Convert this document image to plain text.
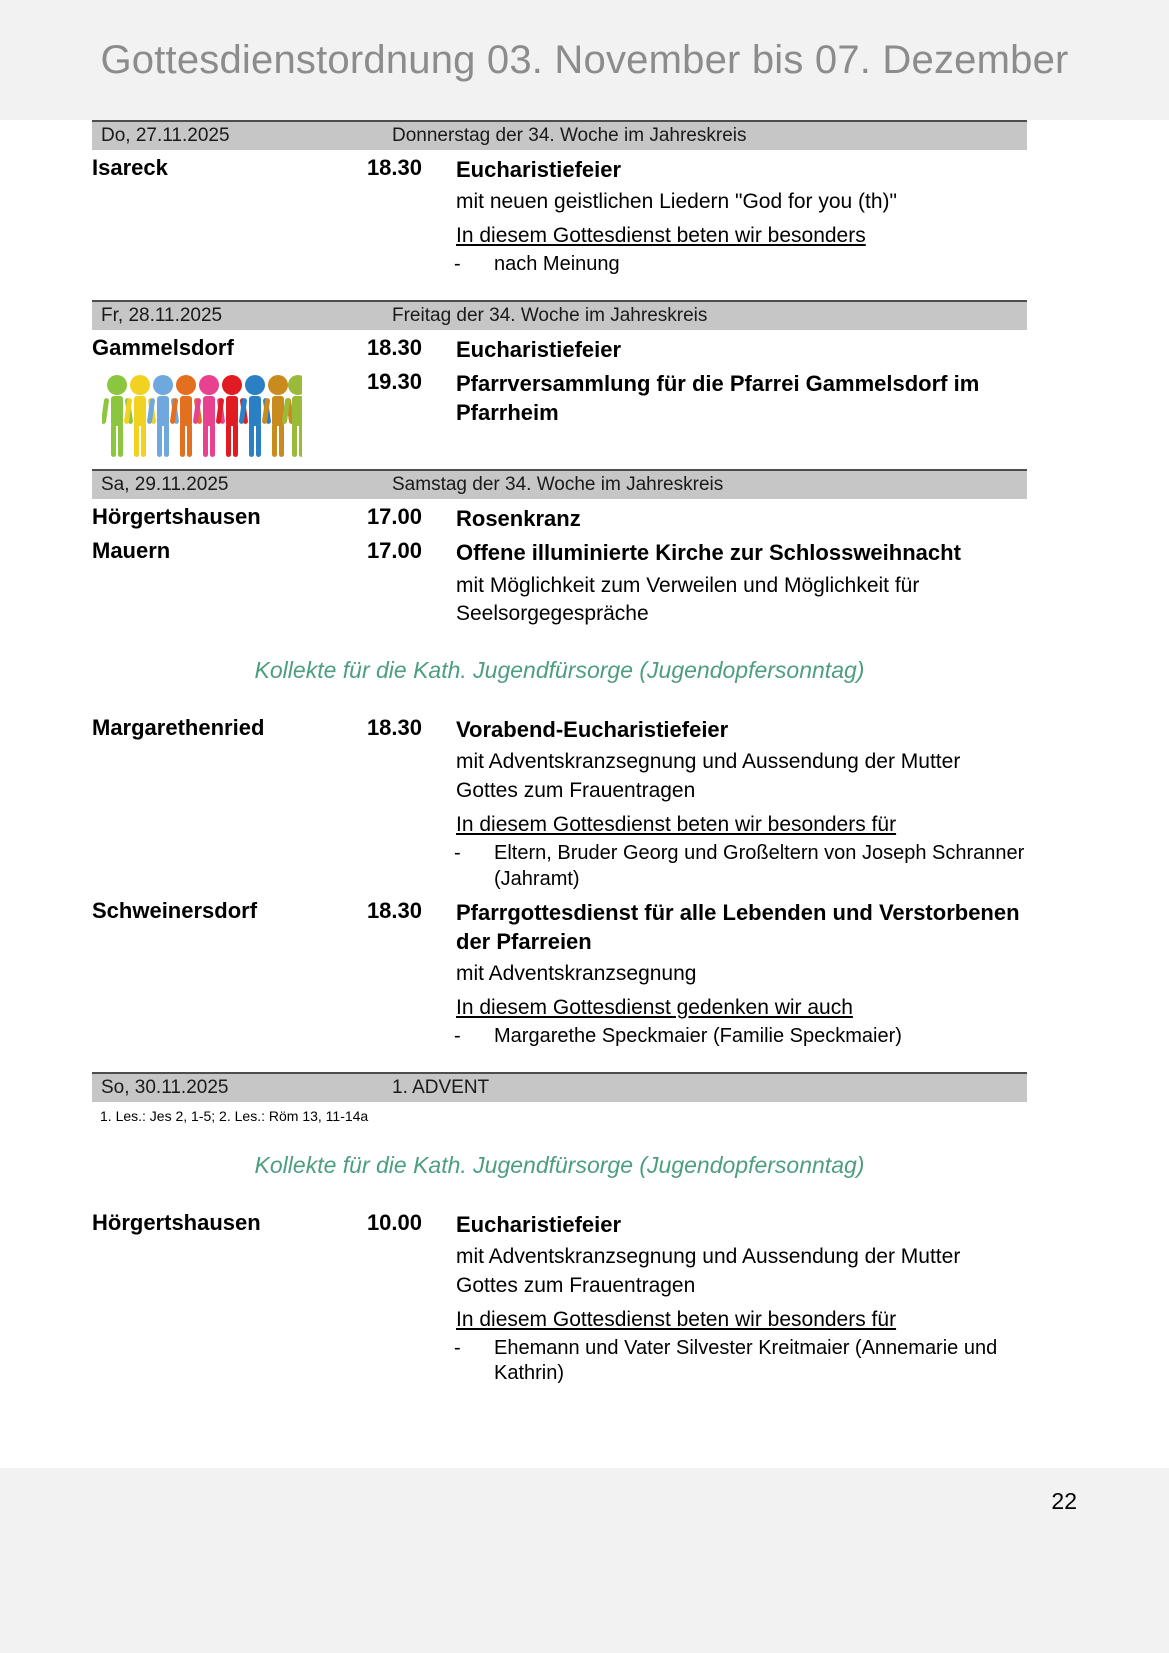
Gottesdienstordnung 03. November bis 07. Dezember
Do, 27.11.2025	Donnerstag der 34. Woche im Jahreskreis
Isareck	18.30 Eucharistiefeier
mit neuen geistlichen Liedern "God for you (th)"
In diesem Gottesdienst beten wir besonders
- nach Meinung
Fr, 28.11.2025	Freitag der 34. Woche im Jahreskreis
Gammelsdorf	18.30 Eucharistiefeier
19.30 Pfarrversammlung für die Pfarrei Gammelsdorf im Pfarrheim
Sa, 29.11.2025	Samstag der 34. Woche im Jahreskreis
Hörgertshausen	17.00 Rosenkranz
Mauern	17.00 Offene illuminierte Kirche zur Schlossweihnacht
mit Möglichkeit zum Verweilen und Möglichkeit für Seelsorgegespräche
Kollekte für die Kath. Jugendfürsorge (Jugendopfersonntag)
Margarethenried	18.30 Vorabend-Eucharistiefeier
mit Adventskranzsegnung und Aussendung der Mutter Gottes zum Frauentragen
In diesem Gottesdienst beten wir besonders für
- Eltern, Bruder Georg und Großeltern von Joseph Schranner (Jahramt)
Schweinersdorf	18.30 Pfarrgottesdienst für alle Lebenden und Verstorbenen der Pfarreien
mit Adventskranzsegnung
In diesem Gottesdienst gedenken wir auch
- Margarethe Speckmaier (Familie Speckmaier)
So, 30.11.2025	1. ADVENT
1. Les.: Jes 2, 1-5; 2. Les.: Röm 13, 11-14a
Kollekte für die Kath. Jugendfürsorge (Jugendopfersonntag)
Hörgertshausen	10.00 Eucharistiefeier
mit Adventskranzsegnung und Aussendung der Mutter Gottes zum Frauentragen
In diesem Gottesdienst beten wir besonders für
- Ehemann und Vater Silvester Kreitmaier (Annemarie und Kathrin)
22
